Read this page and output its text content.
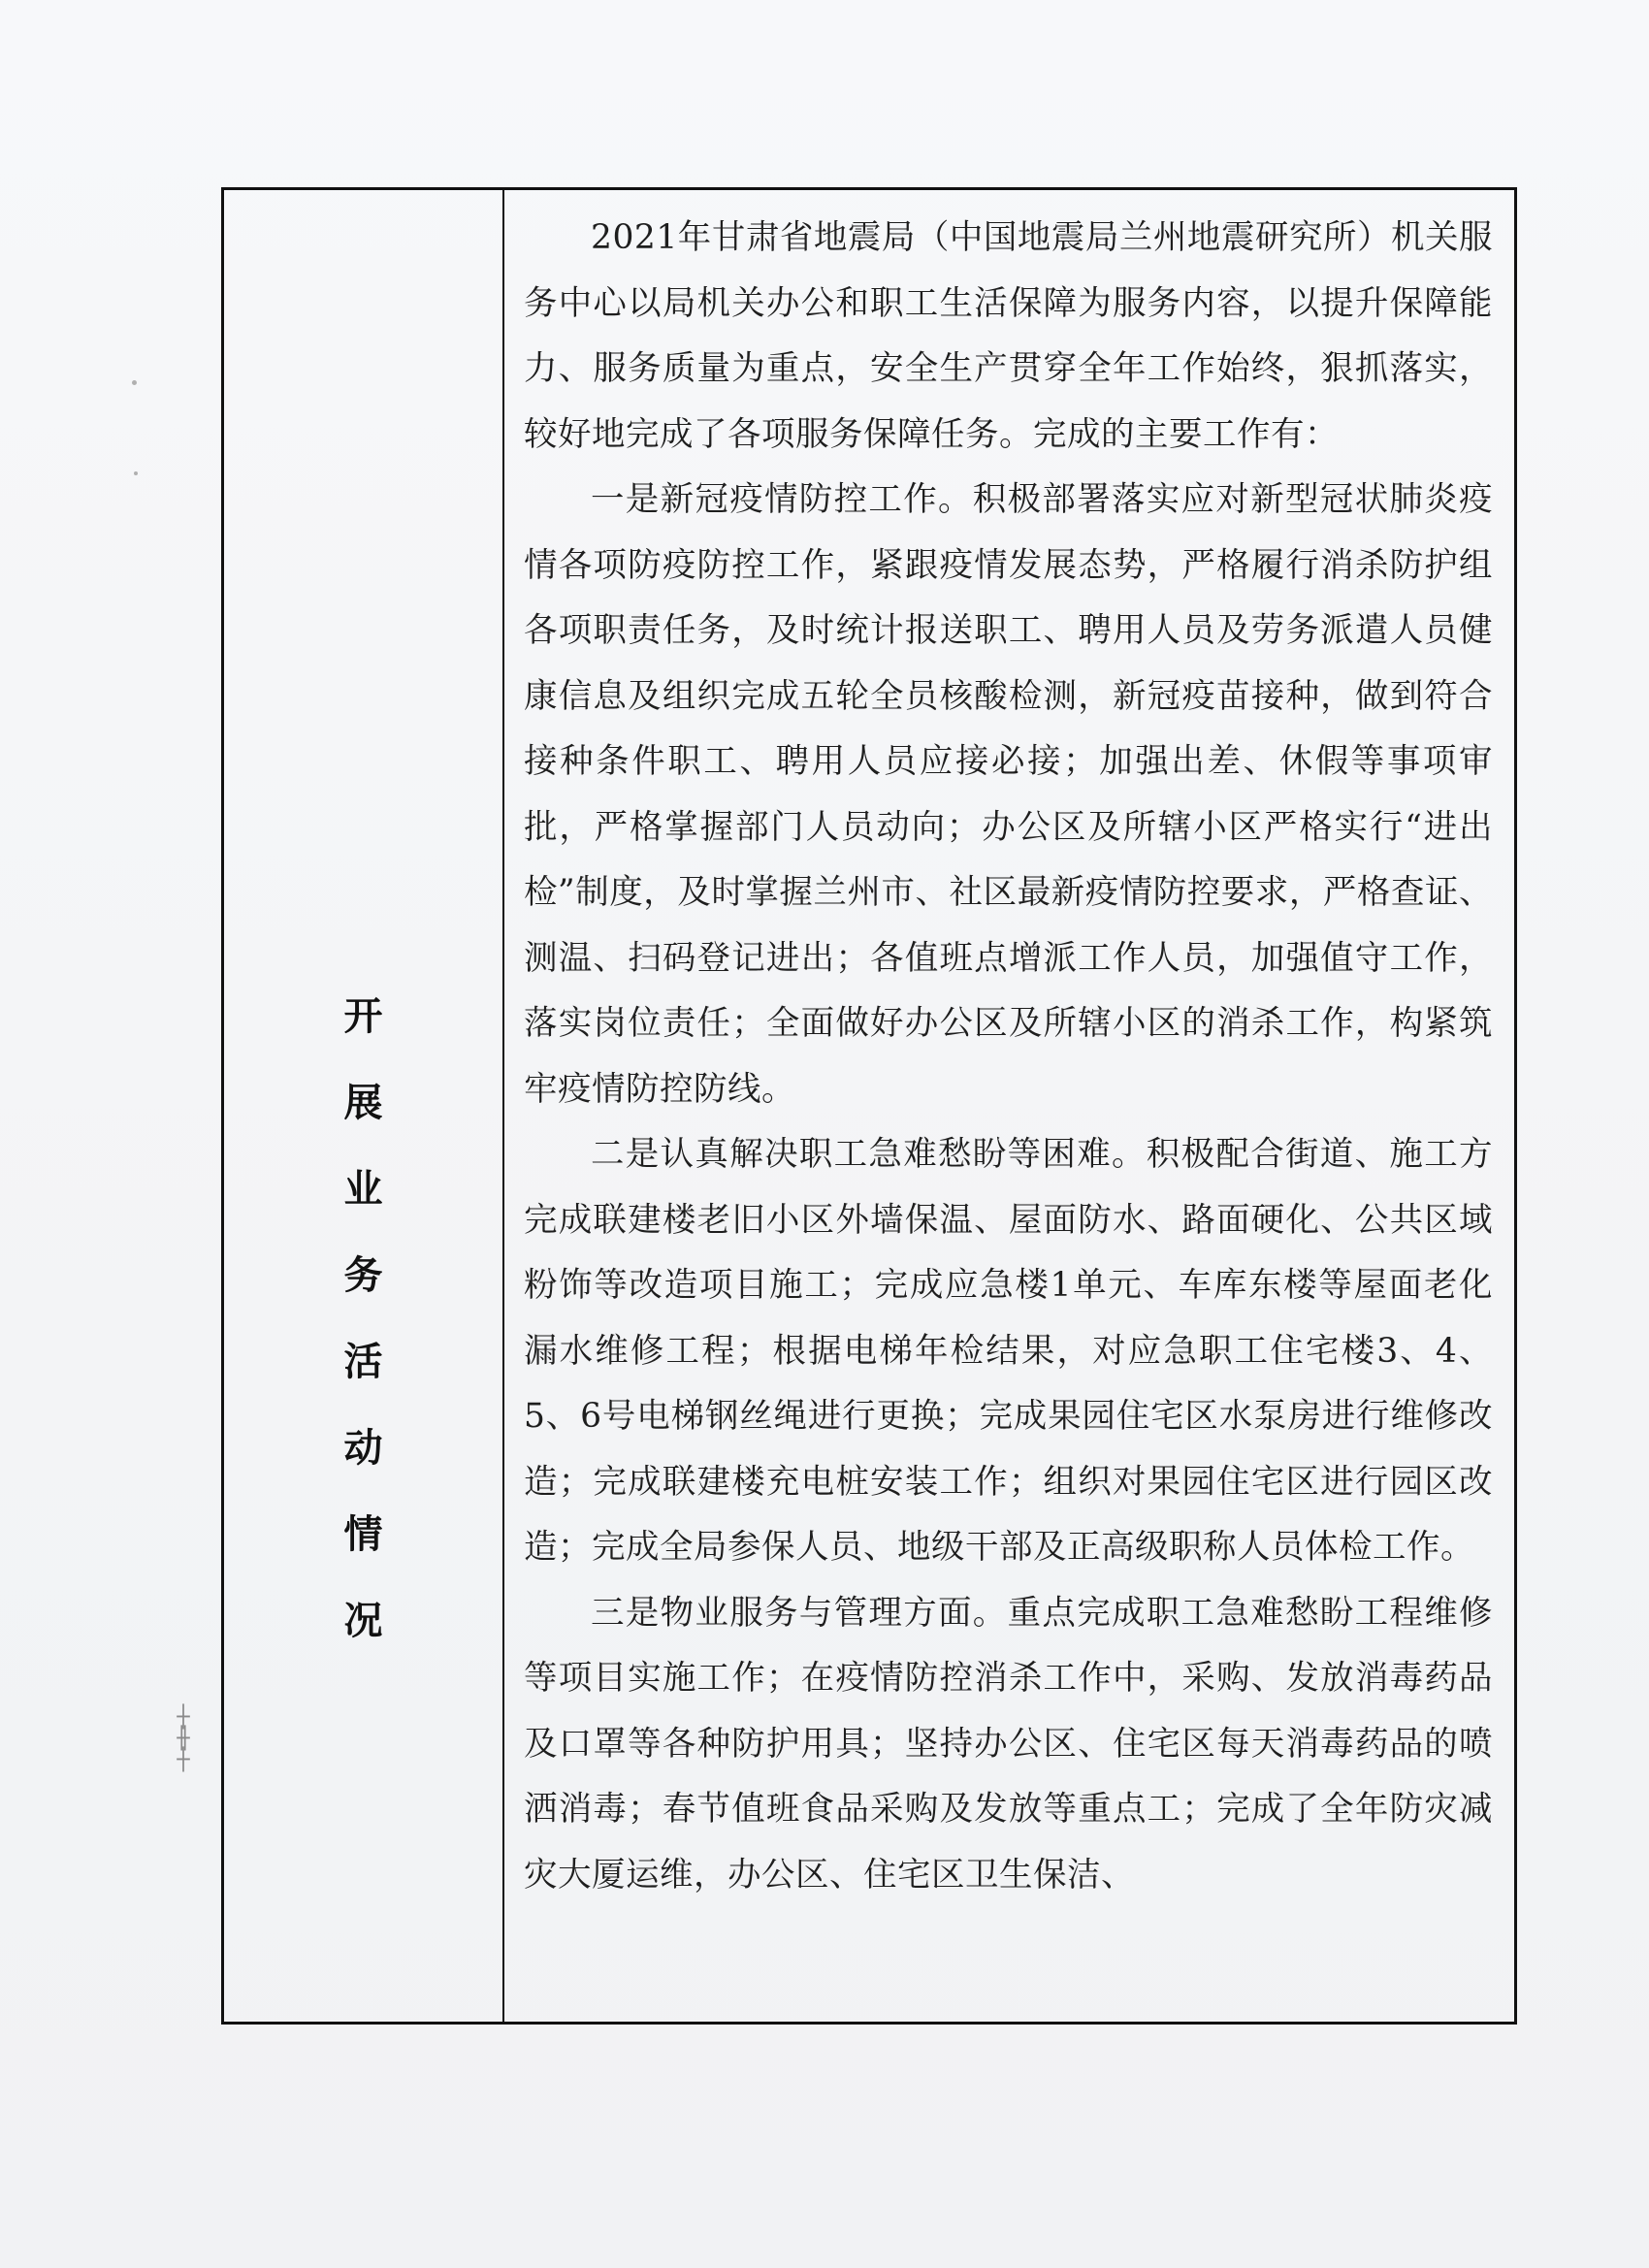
┼
╫
┼
开
展
业
务
活
动
情
况

2021年甘肃省地震局（中国地震局兰州地震研究所）机关服务中心以局机关办公和职工生活保障为服务内容，以提升保障能力、服务质量为重点，安全生产贯穿全年工作始终，狠抓落实，较好地完成了各项服务保障任务。完成的主要工作有：

一是新冠疫情防控工作。积极部署落实应对新型冠状肺炎疫情各项防疫防控工作，紧跟疫情发展态势，严格履行消杀防护组各项职责任务，及时统计报送职工、聘用人员及劳务派遣人员健康信息及组织完成五轮全员核酸检测，新冠疫苗接种，做到符合接种条件职工、聘用人员应接必接；加强出差、休假等事项审批，严格掌握部门人员动向；办公区及所辖小区严格实行“进出检”制度，及时掌握兰州市、社区最新疫情防控要求，严格查证、测温、扫码登记进出；各值班点增派工作人员，加强值守工作，落实岗位责任；全面做好办公区及所辖小区的消杀工作，构紧筑牢疫情防控防线。

二是认真解决职工急难愁盼等困难。积极配合街道、施工方完成联建楼老旧小区外墙保温、屋面防水、路面硬化、公共区域粉饰等改造项目施工；完成应急楼1单元、车库东楼等屋面老化漏水维修工程；根据电梯年检结果，对应急职工住宅楼3、4、5、6号电梯钢丝绳进行更换；完成果园住宅区水泵房进行维修改造；完成联建楼充电桩安装工作；组织对果园住宅区进行园区改造；完成全局参保人员、地级干部及正高级职称人员体检工作。

三是物业服务与管理方面。重点完成职工急难愁盼工程维修等项目实施工作；在疫情防控消杀工作中，采购、发放消毒药品及口罩等各种防护用具；坚持办公区、住宅区每天消毒药品的喷洒消毒；春节值班食品采购及发放等重点工；完成了全年防灾减灾大厦运维，办公区、住宅区卫生保洁、
